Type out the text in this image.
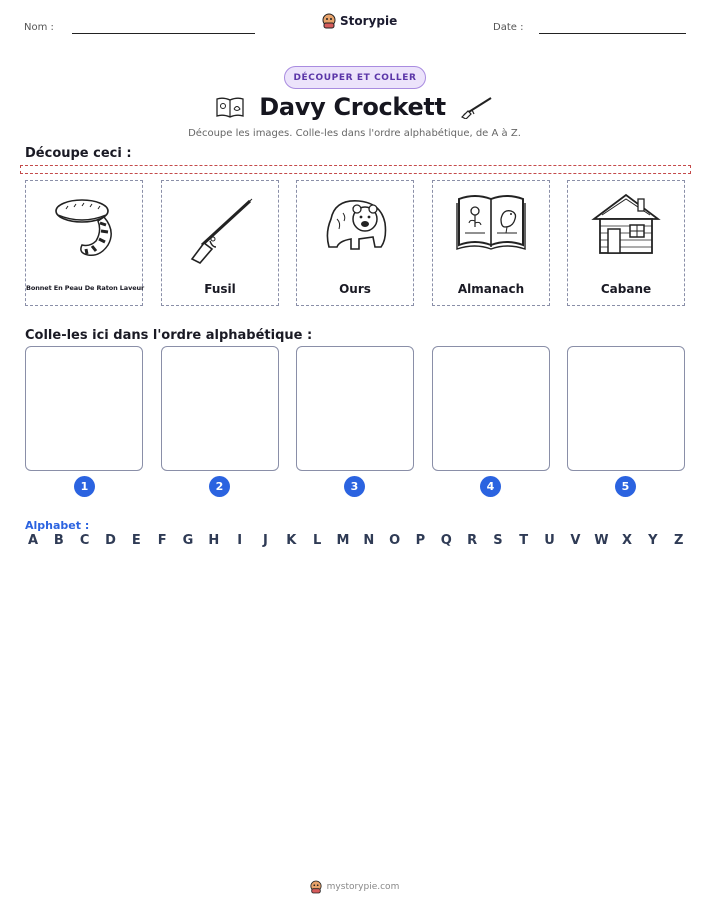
Nom :	Storypie	Date :
DÉCOUPER ET COLLER
Davy Crockett
Découpe les images. Colle-les dans l'ordre alphabétique, de A à Z.
Découpe ceci :
Bonnet En Peau De Raton Laveur	Fusil	Ours	Almanach	Cabane
Colle-les ici dans l'ordre alphabétique :
1	2	3	4	5
Alphabet :
A B C D E F G H	I	J	K L M N O P Q R S T U V W X Y Z
mystorypie.com
